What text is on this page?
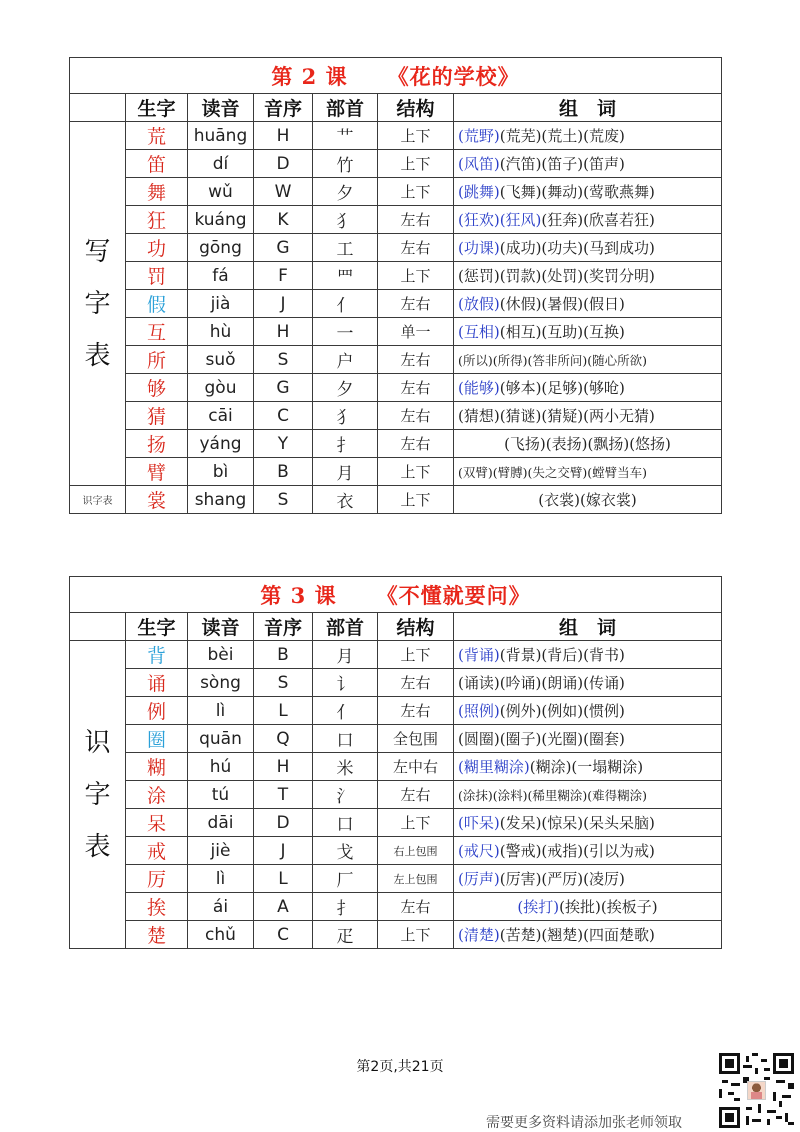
第 2 课 《花的学校》						
	生字	读音	音序	部首	结构	组　词
写
字
表	荒	huāng	H	艹	上下	(荒野)(荒芜)(荒土)(荒废)
	笛	dí	D	竹	上下	(风笛)(汽笛)(笛子)(笛声)
	舞	wǔ	W	夕	上下	(跳舞)(飞舞)(舞动)(莺歌燕舞)
	狂	kuáng	K	犭	左右	(狂欢)(狂风)(狂奔)(欣喜若狂)
	功	gōng	G	工	左右	(功课)(成功)(功夫)(马到成功)
	罚	fá	F	罒	上下	(惩罚)(罚款)(处罚)(奖罚分明)
	假	jià	J	亻	左右	(放假)(休假)(暑假)(假日)
	互	hù	H	一	单一	(互相)(相互)(互助)(互换)
	所	suǒ	S	户	左右	(所以)(所得)(答非所问)(随心所欲)
	够	gòu	G	夕	左右	(能够)(够本)(足够)(够呛)
	猜	cāi	C	犭	左右	(猜想)(猜谜)(猜疑)(两小无猜)
	扬	yáng	Y	扌	左右	(飞扬)(表扬)(飘扬)(悠扬)
	臂	bì	B	月	上下	(双臂)(臂膊)(失之交臂)(螳臂当车)
识字表	裳	shang	S	衣	上下	(衣裳)(嫁衣裳)
第 3 课 《不懂就要问》						
	生字	读音	音序	部首	结构	组　词
识
字
表	背	bèi	B	月	上下	(背诵)(背景)(背后)(背书)
	诵	sòng	S	讠	左右	(诵读)(吟诵)(朗诵)(传诵)
	例	lì	L	亻	左右	(照例)(例外)(例如)(惯例)
	圈	quān	Q	口	全包围	(圆圈)(圈子)(光圈)(圈套)
	糊	hú	H	米	左中右	(糊里糊涂)(糊涂)(一塌糊涂)
	涂	tú	T	氵	左右	(涂抹)(涂料)(稀里糊涂)(难得糊涂)
	呆	dāi	D	口	上下	(吓呆)(发呆)(惊呆)(呆头呆脑)
	戒	jiè	J	戈	右上包围	(戒尺)(警戒)(戒指)(引以为戒)
	厉	lì	L	厂	左上包围	(厉声)(厉害)(严厉)(凌厉)
	挨	ái	A	扌	左右	(挨打)(挨批)(挨板子)
	楚	chǔ	C	疋	上下	(清楚)(苦楚)(翘楚)(四面楚歌)
第2页,共21页
需要更多资料请添加张老师领取
